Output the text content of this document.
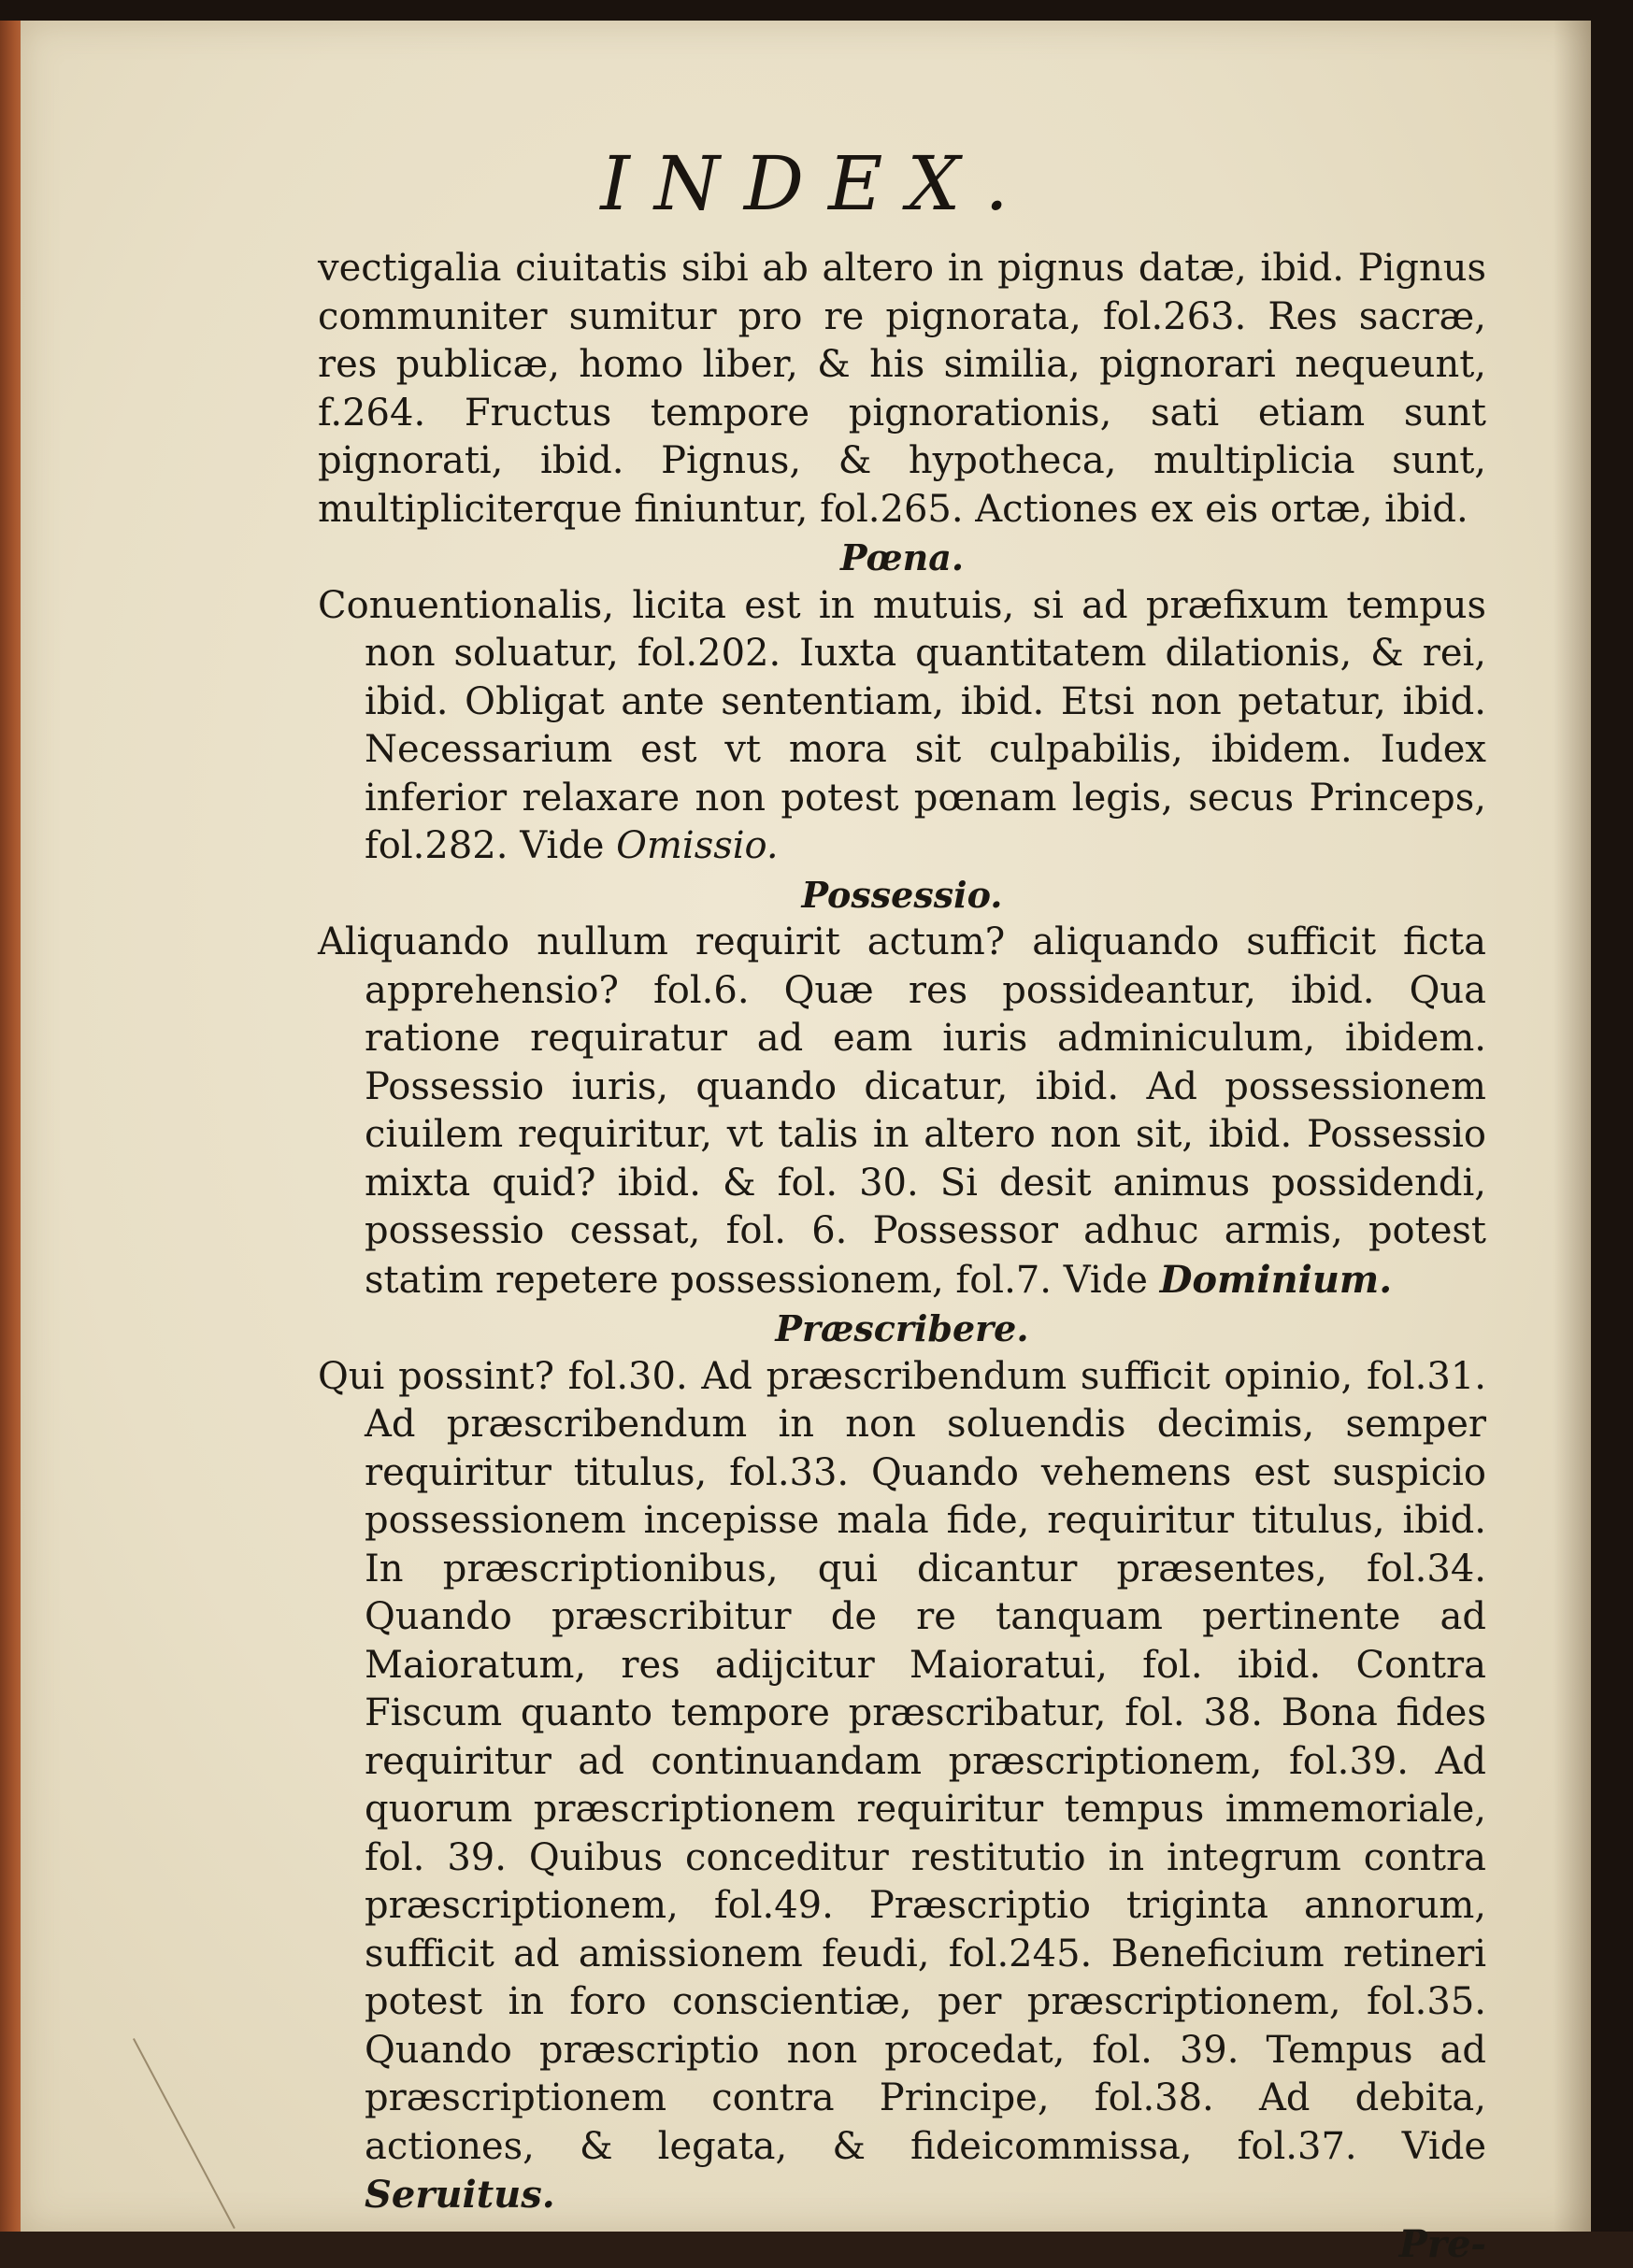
INDEX.

vectigalia ciuitatis sibi ab altero in pignus datæ, ibid. Pignus communiter sumitur pro re pignorata, fol.263. Res sacræ, res publicæ, homo liber, & his similia, pignorari nequeunt, f.264. Fructus tempore pignorationis, sati etiam sunt pignorati, ibid. Pignus, & hypotheca, multiplicia sunt, multipliciterque finiuntur, fol.265. Actiones ex eis ortæ, ibid.

Pœna.

Conuentionalis, licita est in mutuis, si ad præfixum tempus non soluatur, fol.202. Iuxta quantitatem dilationis, & rei, ibid. Obligat ante sententiam, ibid. Etsi non petatur, ibid. Necessarium est vt mora sit culpabilis, ibidem. Iudex inferior relaxare non potest pœnam legis, secus Princeps, fol.282. Vide Omissio.

Possessio.

Aliquando nullum requirit actum? aliquando sufficit ficta apprehensio? fol.6. Quæ res possideantur, ibid. Qua ratione requiratur ad eam iuris adminiculum, ibidem. Possessio iuris, quando dicatur, ibid. Ad possessionem ciuilem requiritur, vt talis in altero non sit, ibid. Possessio mixta quid? ibid. & fol. 30. Si desit animus possidendi, possessio cessat, fol. 6. Possessor adhuc armis, potest statim repetere possessionem, fol.7. Vide Dominium.

Præscribere.

Qui possint? fol.30. Ad præscribendum sufficit opinio, fol.31. Ad præscribendum in non soluendis decimis, semper requiritur titulus, fol.33. Quando vehemens est suspicio possessionem incepisse mala fide, requiritur titulus, ibid. In præscriptionibus, qui dicantur præsentes, fol.34. Quando præscribitur de re tanquam pertinente ad Maioratum, res adijcitur Maioratui, fol. ibid. Contra Fiscum quanto tempore præscribatur, fol. 38. Bona fides requiritur ad continuandam præscriptionem, fol.39. Ad quorum præscriptionem requiritur tempus immemoriale, fol. 39. Quibus conceditur restitutio in integrum contra præscriptionem, fol.49. Præscriptio triginta annorum, sufficit ad amissionem feudi, fol.245. Beneficium retineri potest in foro conscientiæ, per præscriptionem, fol.35. Quando præscriptio non procedat, fol. 39. Tempus ad præscriptionem contra Principe, fol.38. Ad debita, actiones, & legata, & fideicommissa, fol.37. Vide Seruitus.

Pre-
